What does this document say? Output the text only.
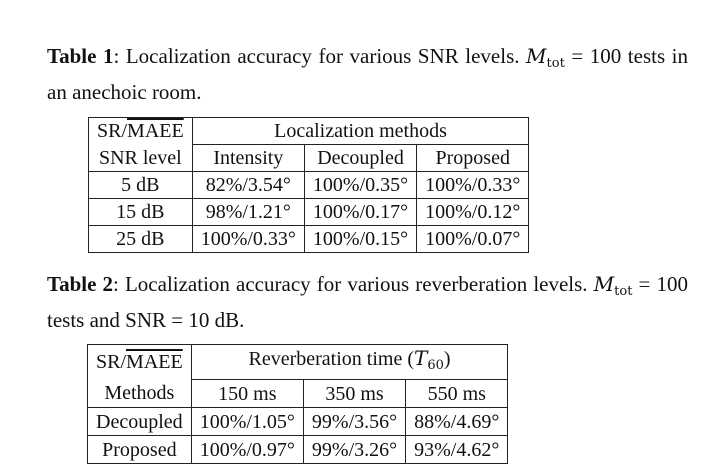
Table 1: Localization accuracy for various SNR levels. $M_{tot} = 100$ tests in an anechoic room.
SR/MAEE	Localization methods		
SNR level	Intensity	Decoupled	Proposed
5 dB	82%/3.54°	100%/0.35°	100%/0.33°
15 dB	98%/1.21°	100%/0.17°	100%/0.12°
25 dB	100%/0.33°	100%/0.15°	100%/0.07°
Table 2: Localization accuracy for various reverberation levels. $M_{tot} = 100$ tests and SNR = 10 dB.
SR/MAEE	Reverberation time $(T_{60})$		
Methods	150 ms	350 ms	550 ms
Decoupled	100%/1.05°	99%/3.56°	88%/4.69°
Proposed	100%/0.97°	99%/3.26°	93%/4.62°
